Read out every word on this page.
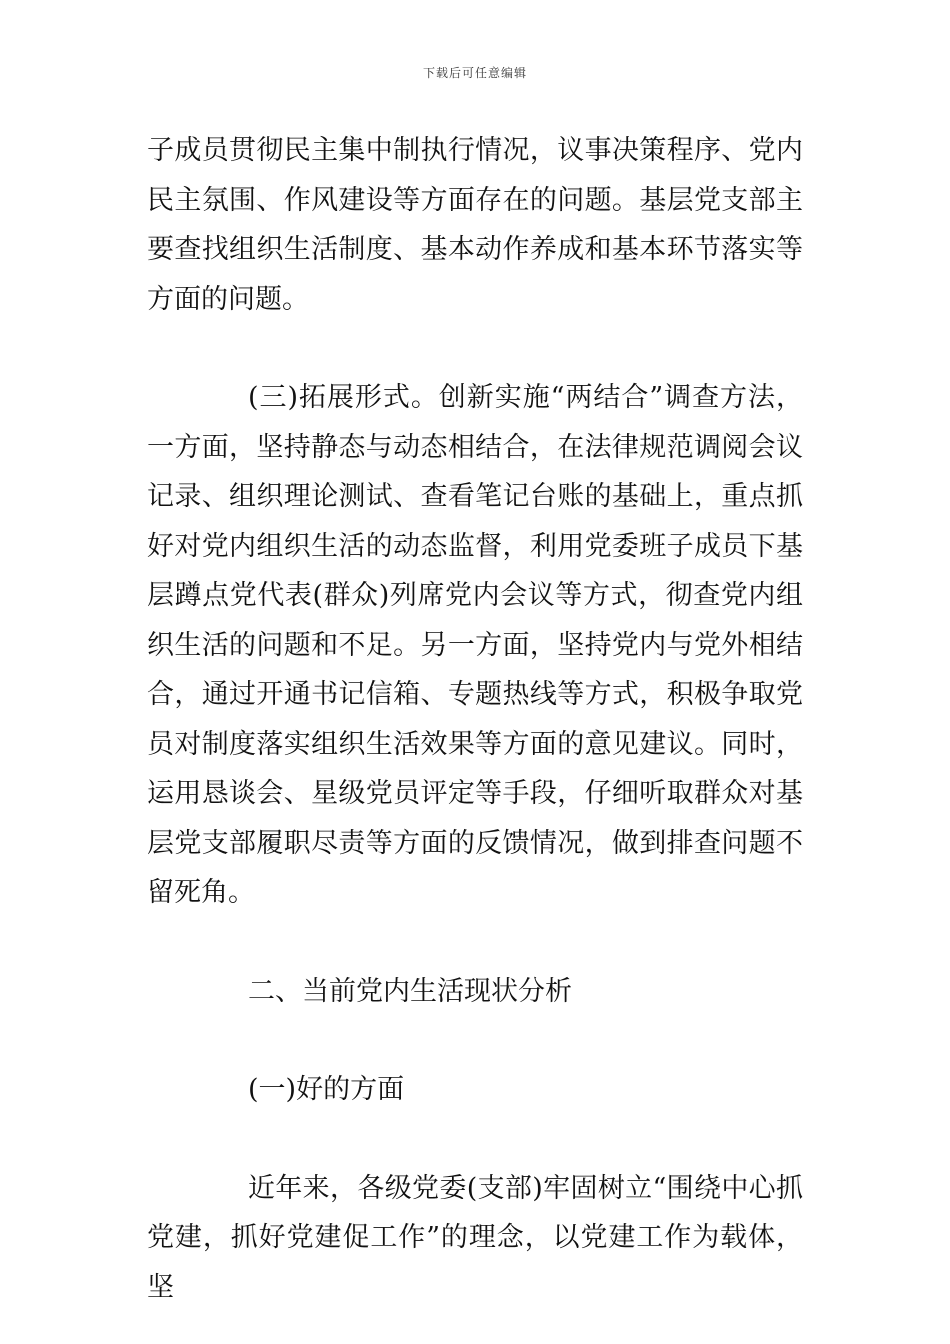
下载后可任意编辑

子成员贯彻民主集中制执行情况，议事决策程序、党内民主氛围、作风建设等方面存在的问题。基层党支部主要查找组织生活制度、基本动作养成和基本环节落实等方面的问题。

(三)拓展形式。创新实施“两结合”调查方法，一方面，坚持静态与动态相结合，在法律规范调阅会议记录、组织理论测试、查看笔记台账的基础上，重点抓好对党内组织生活的动态监督，利用党委班子成员下基层蹲点党代表(群众)列席党内会议等方式，彻查党内组织生活的问题和不足。另一方面，坚持党内与党外相结合，通过开通书记信箱、专题热线等方式，积极争取党员对制度落实组织生活效果等方面的意见建议。同时，运用恳谈会、星级党员评定等手段，仔细听取群众对基层党支部履职尽责等方面的反馈情况，做到排查问题不留死角。

二、当前党内生活现状分析

(一)好的方面

近年来，各级党委(支部)牢固树立“围绕中心抓党建，抓好党建促工作”的理念，以党建工作为载体，坚
